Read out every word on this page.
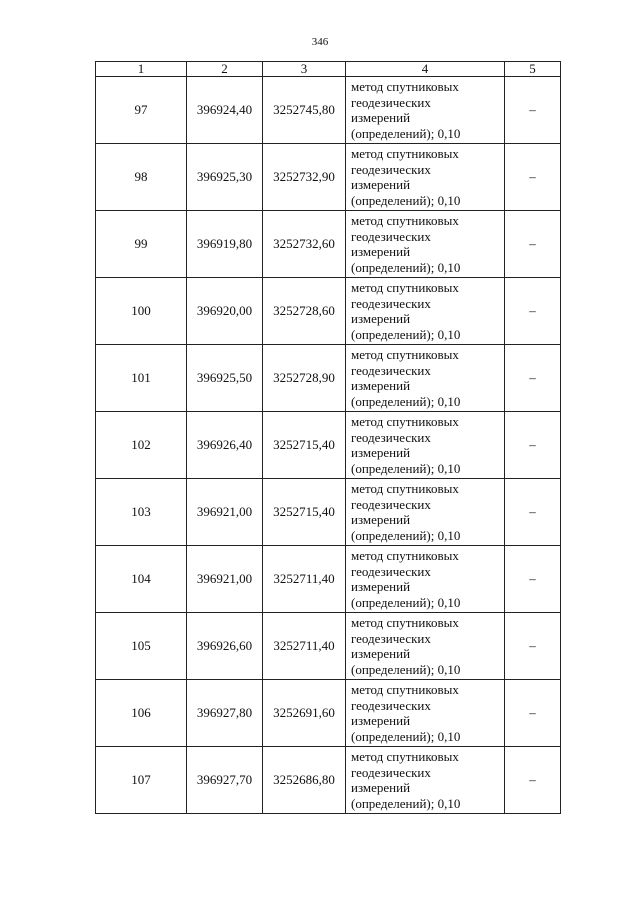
346
1	2	3	4	5
97	396924,40	3252745,80	метод спутниковых
геодезических
измерений
(определений); 0,10	–
98	396925,30	3252732,90	метод спутниковых
геодезических
измерений
(определений); 0,10	–
99	396919,80	3252732,60	метод спутниковых
геодезических
измерений
(определений); 0,10	–
100	396920,00	3252728,60	метод спутниковых
геодезических
измерений
(определений); 0,10	–
101	396925,50	3252728,90	метод спутниковых
геодезических
измерений
(определений); 0,10	–
102	396926,40	3252715,40	метод спутниковых
геодезических
измерений
(определений); 0,10	–
103	396921,00	3252715,40	метод спутниковых
геодезических
измерений
(определений); 0,10	–
104	396921,00	3252711,40	метод спутниковых
геодезических
измерений
(определений); 0,10	–
105	396926,60	3252711,40	метод спутниковых
геодезических
измерений
(определений); 0,10	–
106	396927,80	3252691,60	метод спутниковых
геодезических
измерений
(определений); 0,10	–
107	396927,70	3252686,80	метод спутниковых
геодезических
измерений
(определений); 0,10	–
